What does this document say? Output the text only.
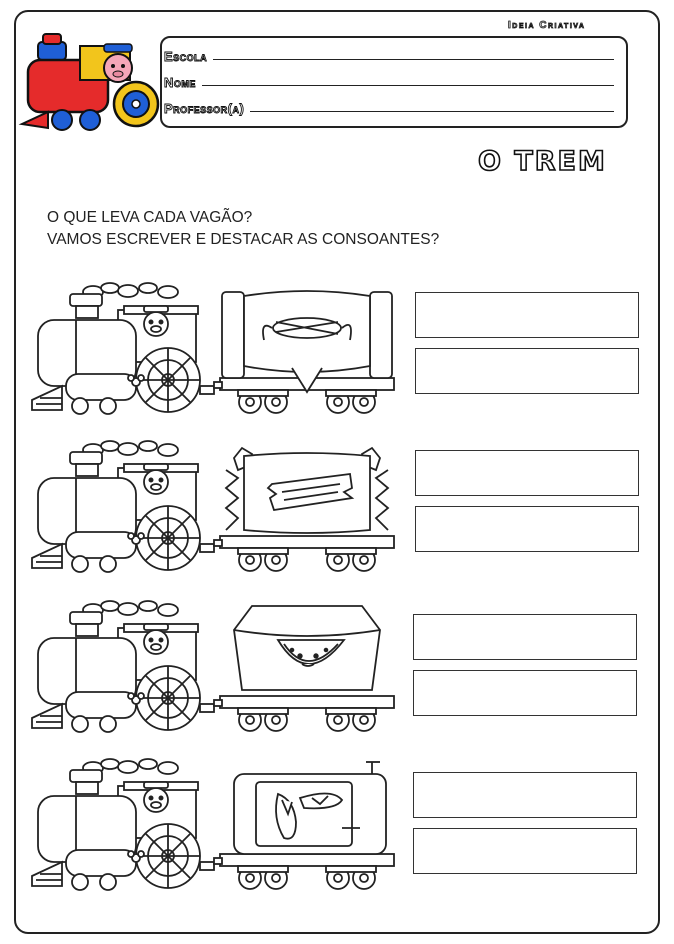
Ideia Criativa
Escola
Nome
Professor(a)
O TREM
O QUE LEVA CADA VAGÃO?
VAMOS ESCREVER E DESTACAR AS CONSOANTES?
